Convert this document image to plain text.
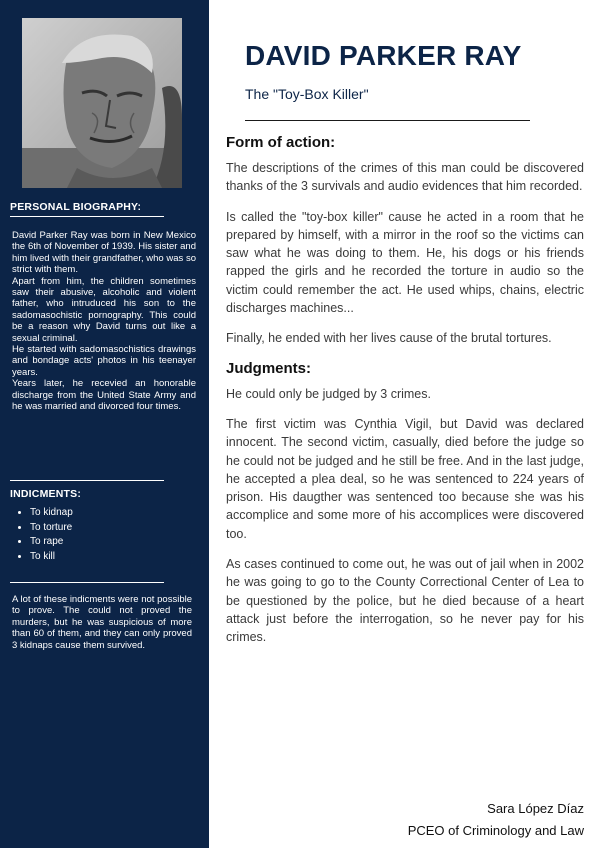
PERSONAL BIOGRAPHY:

David Parker Ray was born in New Mexico the 6th of November of 1939. His sister and him lived with their grandfather, who was so strict with them.

Apart from him, the children sometimes saw their abusive, alcoholic and violent father, who intruduced his son to the sadomasochistic pornography. This could be a reason why David turns out like a sexual criminal.

He started with sadomasochistics drawings and bondage acts' photos in his teenayer years.

Years later, he recevied an honorable discharge from the United State Army and he was married and divorced four times.

INDICMENTS:
• To kidnap
• To torture
• To rape
• To kill

A lot of these indicments were not possible to prove. The could not proved the murders, but he was suspicious of more than 60 of them, and they can only proved 3 kidnaps cause them survived.

DAVID PARKER RAY
The "Toy-Box Killer"
Form of action:

The descriptions of the crimes of this man could be discovered thanks of the 3 survivals and audio evidences that him recorded.

Is called the "toy-box killer" cause he acted in a room that he prepared by himself, with a mirror in the roof so the victims can saw what he was doing to them. He, his dogs or his friends rapped the girls and he recorded the torture in audio so the victim could remember the act. He used whips, chains, electric discharges machines...

Finally, he ended with her lives cause of the brutal tortures.

Judgments:

He could only be judged by 3 crimes.

The first victim was Cynthia Vigil, but David was declared innocent. The second victim, casually, died before the judge so he could not be judged and he still be free. And in the last judge, he accepted a plea deal, so he was sentenced to 224 years of prison. His daugther was sentenced too because she was his accomplice and some more of his accomplices were discovered too.

As cases continued to come out, he was out of jail when in 2002 he was going to go to the County Correctional Center of Lea to be questioned by the police, but he died because of a heart attack just before the interrogation, so he never pay for his crimes.

Sara López Díaz
PCEO of Criminology and Law
